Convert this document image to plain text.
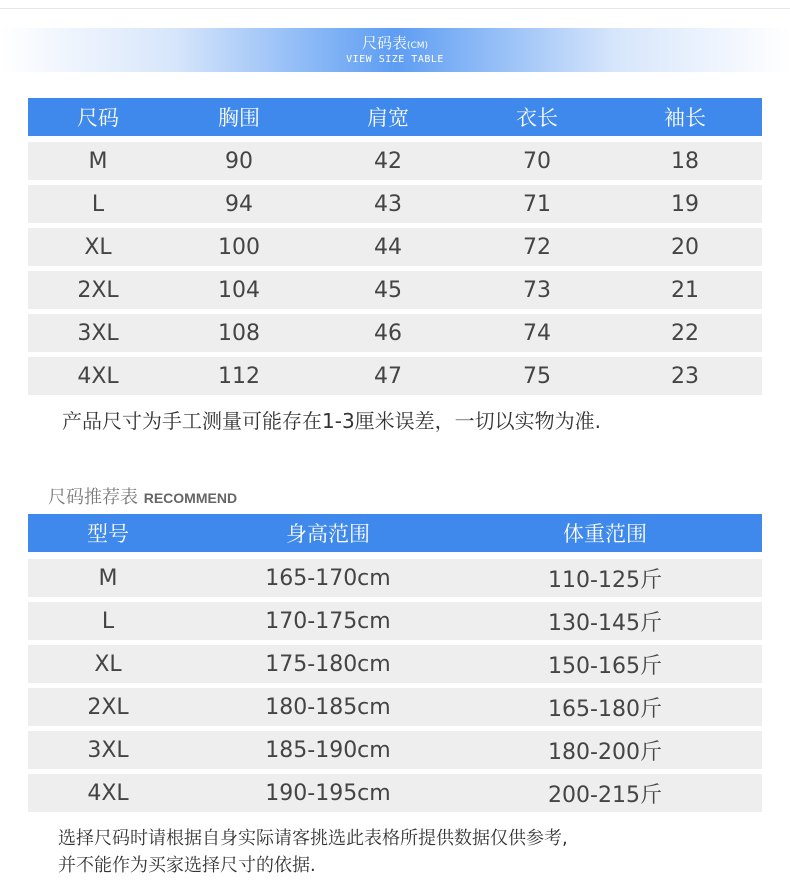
尺码表(CM)
VIEW SIZE TABLE
尺码	胸围	肩宽	衣长	袖长
M	90	42	70	18
L	94	43	71	19
XL	100	44	72	20
2XL	104	45	73	21
3XL	108	46	74	22
4XL	112	47	75	23
产品尺寸为手工测量可能存在1-3厘米误差，一切以实物为准.
尺码推荐表 RECOMMEND
型号	身高范围	体重范围
M	165-170cm	110-125斤
L	170-175cm	130-145斤
XL	175-180cm	150-165斤
2XL	180-185cm	165-180斤
3XL	185-190cm	180-200斤
4XL	190-195cm	200-215斤
选择尺码时请根据自身实际请客挑选此表格所提供数据仅供参考,
并不能作为买家选择尺寸的依据.
